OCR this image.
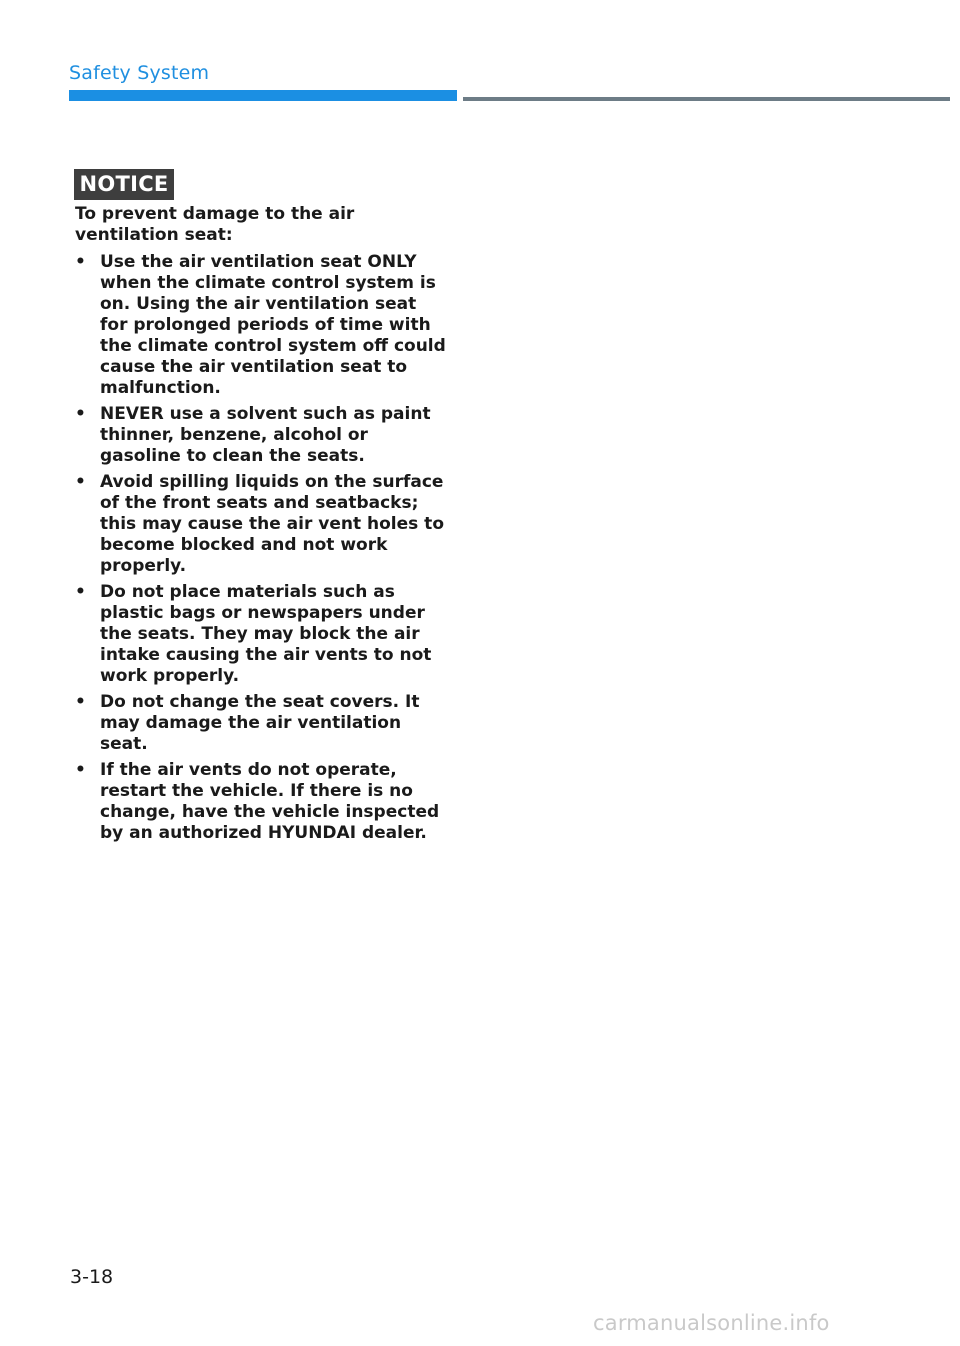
Safety System
NOTICE

To prevent damage to the air ventilation seat:

• Use the air ventilation seat ONLY when the climate control system is on. Using the air ventilation seat for prolonged periods of time with the climate control system off could cause the air ventilation seat to malfunction.
• NEVER use a solvent such as paint thinner, benzene, alcohol or gasoline to clean the seats.
• Avoid spilling liquids on the surface of the front seats and seatbacks; this may cause the air vent holes to become blocked and not work properly.
• Do not place materials such as plastic bags or newspapers under the seats. They may block the air intake causing the air vents to not work properly.
• Do not change the seat covers. It may damage the air ventilation seat.
• If the air vents do not operate, restart the vehicle. If there is no change, have the vehicle inspected by an authorized HYUNDAI dealer.
3-18
carmanualsonline.info
